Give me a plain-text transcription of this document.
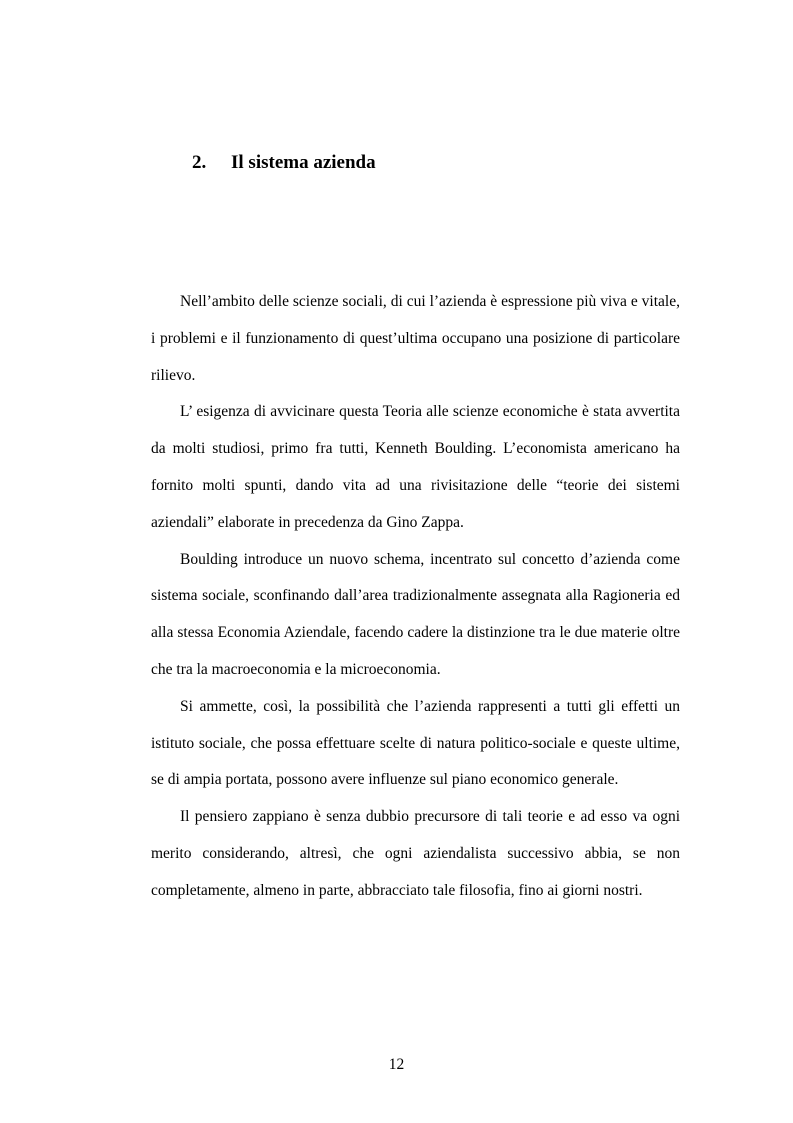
2. Il sistema azienda

Nell’ambito delle scienze sociali, di cui l’azienda è espressione più viva e vitale, i problemi e il funzionamento di quest’ultima occupano una posizione di particolare rilievo.

L’ esigenza di avvicinare questa Teoria alle scienze economiche è stata avvertita da molti studiosi, primo fra tutti, Kenneth Boulding. L’economista americano ha fornito molti spunti, dando vita ad una rivisitazione delle “teorie dei sistemi aziendali” elaborate in precedenza da Gino Zappa.

Boulding introduce un nuovo schema, incentrato sul concetto d’azienda come sistema sociale, sconfinando dall’area tradizionalmente assegnata alla Ragioneria ed alla stessa Economia Aziendale, facendo cadere la distinzione tra le due materie oltre che tra la macroeconomia e la microeconomia.

Si ammette, così, la possibilità che l’azienda rappresenti a tutti gli effetti un istituto sociale, che possa effettuare scelte di natura politico-sociale e queste ultime, se di ampia portata, possono avere influenze sul piano economico generale.

Il pensiero zappiano è senza dubbio precursore di tali teorie e ad esso va ogni merito considerando, altresì, che ogni aziendalista successivo abbia, se non completamente, almeno in parte, abbracciato tale filosofia, fino ai giorni nostri.

12
